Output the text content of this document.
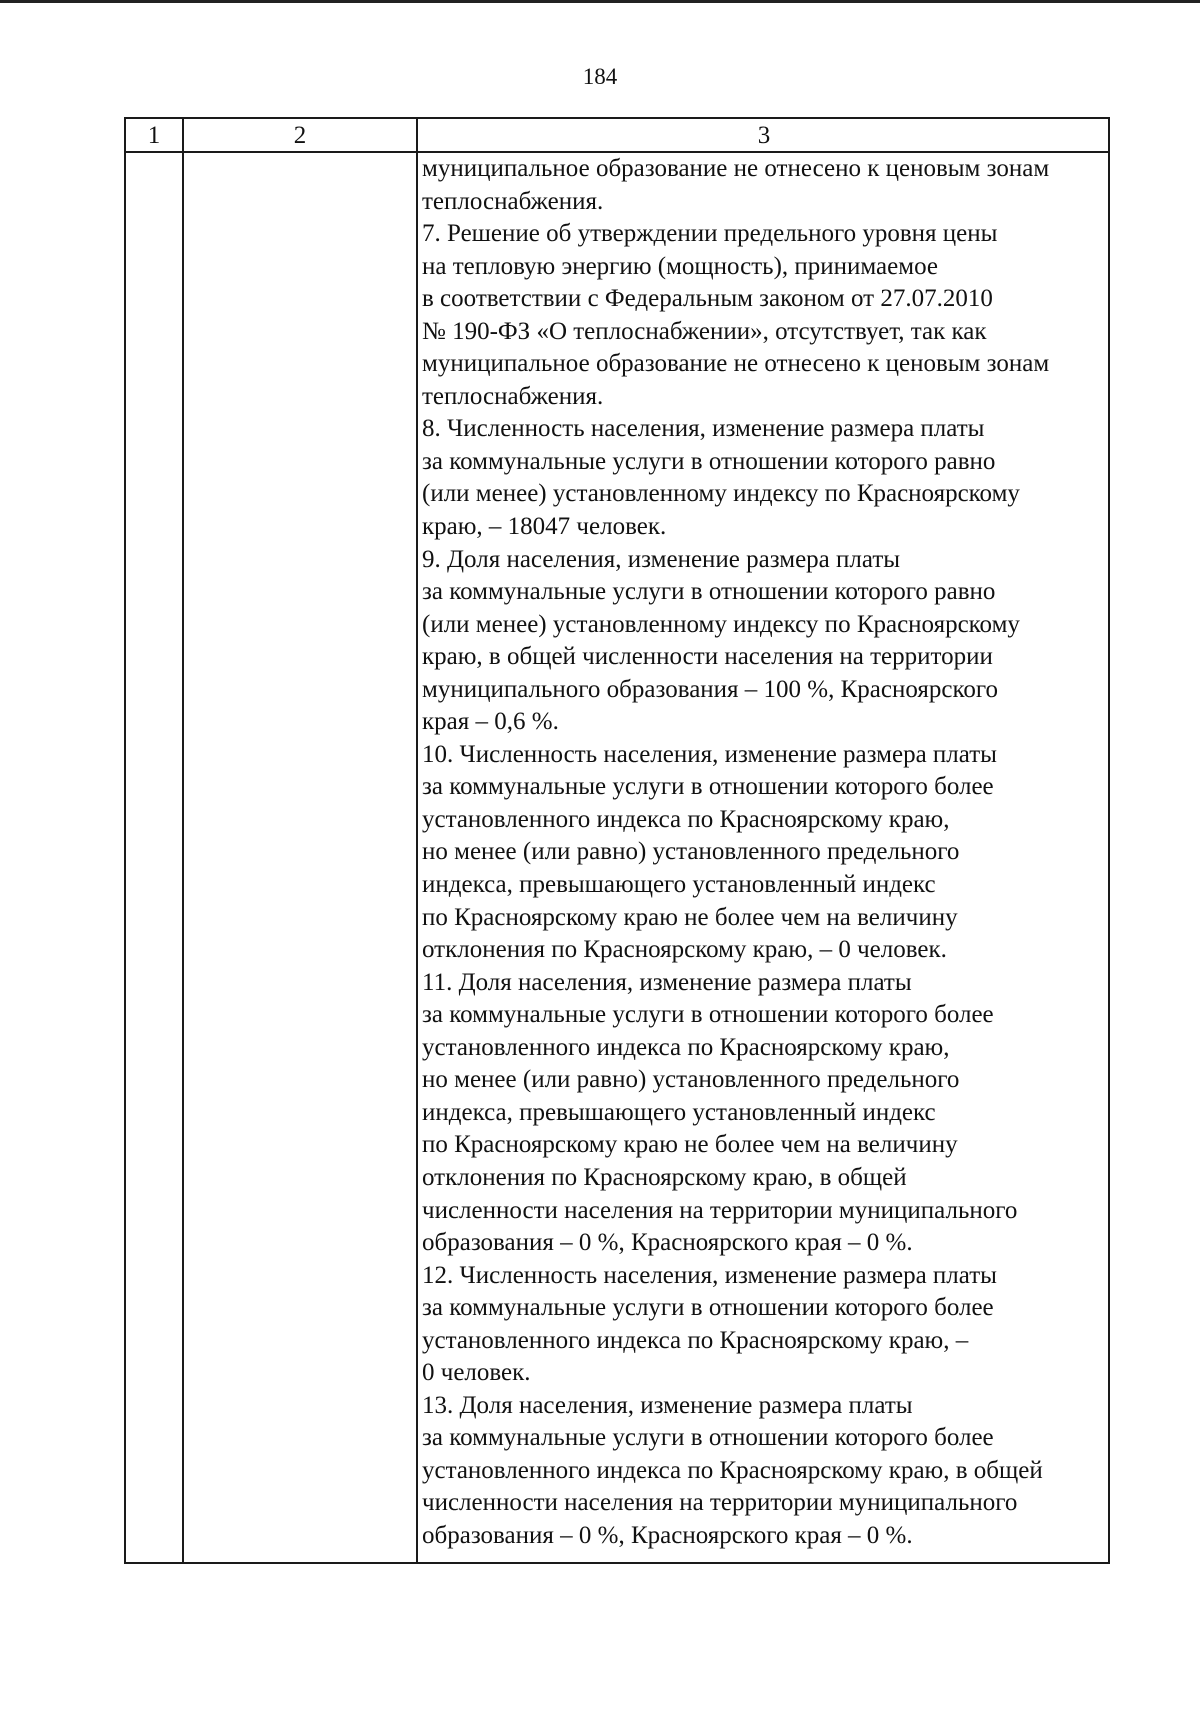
184
1	2	3
муниципальное образование не отнесено к ценовым зонам
теплоснабжения.
7. Решение об утверждении предельного уровня цены
на тепловую энергию (мощность), принимаемое
в соответствии с Федеральным законом от 27.07.2010
№ 190-ФЗ «О теплоснабжении», отсутствует, так как
муниципальное образование не отнесено к ценовым зонам
теплоснабжения.
8. Численность населения, изменение размера платы
за коммунальные услуги в отношении которого равно
(или менее) установленному индексу по Красноярскому
краю, – 18047 человек.
9. Доля населения, изменение размера платы
за коммунальные услуги в отношении которого равно
(или менее) установленному индексу по Красноярскому
краю, в общей численности населения на территории
муниципального образования – 100 %, Красноярского
края – 0,6 %.
10. Численность населения, изменение размера платы
за коммунальные услуги в отношении которого более
установленного индекса по Красноярскому краю,
но менее (или равно) установленного предельного
индекса, превышающего установленный индекс
по Красноярскому краю не более чем на величину
отклонения по Красноярскому краю, – 0 человек.
11. Доля населения, изменение размера платы
за коммунальные услуги в отношении которого более
установленного индекса по Красноярскому краю,
но менее (или равно) установленного предельного
индекса, превышающего установленный индекс
по Красноярскому краю не более чем на величину
отклонения по Красноярскому краю, в общей
численности населения на территории муниципального
образования – 0 %, Красноярского края – 0 %.
12. Численность населения, изменение размера платы
за коммунальные услуги в отношении которого более
установленного индекса по Красноярскому краю, –
0 человек.
13. Доля населения, изменение размера платы
за коммунальные услуги в отношении которого более
установленного индекса по Красноярскому краю, в общей
численности населения на территории муниципального
образования – 0 %, Красноярского края – 0 %.
